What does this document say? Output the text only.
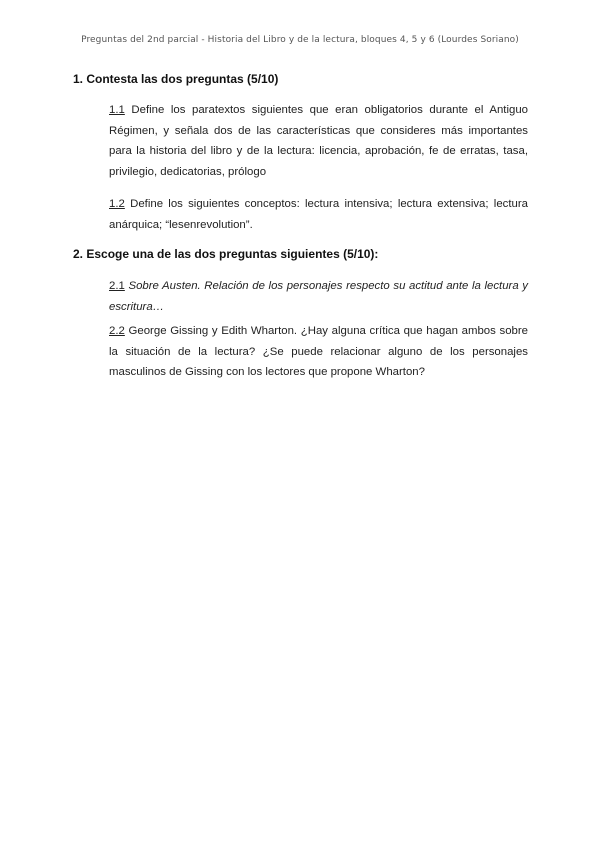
Preguntas del 2nd parcial - Historia del Libro y de la lectura, bloques 4, 5 y 6 (Lourdes Soriano)
1. Contesta las dos preguntas (5/10)
1.1 Define los paratextos siguientes que eran obligatorios durante el Antiguo Régimen, y señala dos de las características que consideres más importantes para la historia del libro y de la lectura: licencia, aprobación, fe de erratas, tasa, privilegio, dedicatorias, prólogo
1.2 Define los siguientes conceptos: lectura intensiva; lectura extensiva; lectura anárquica; “lesenrevolution”.
2. Escoge una de las dos preguntas siguientes (5/10):
2.1 Sobre Austen. Relación de los personajes respecto su actitud ante la lectura y escritura…
2.2 George Gissing y Edith Wharton. ¿Hay alguna crítica que hagan ambos sobre la situación de la lectura? ¿Se puede relacionar alguno de los personajes masculinos de Gissing con los lectores que propone Wharton?
